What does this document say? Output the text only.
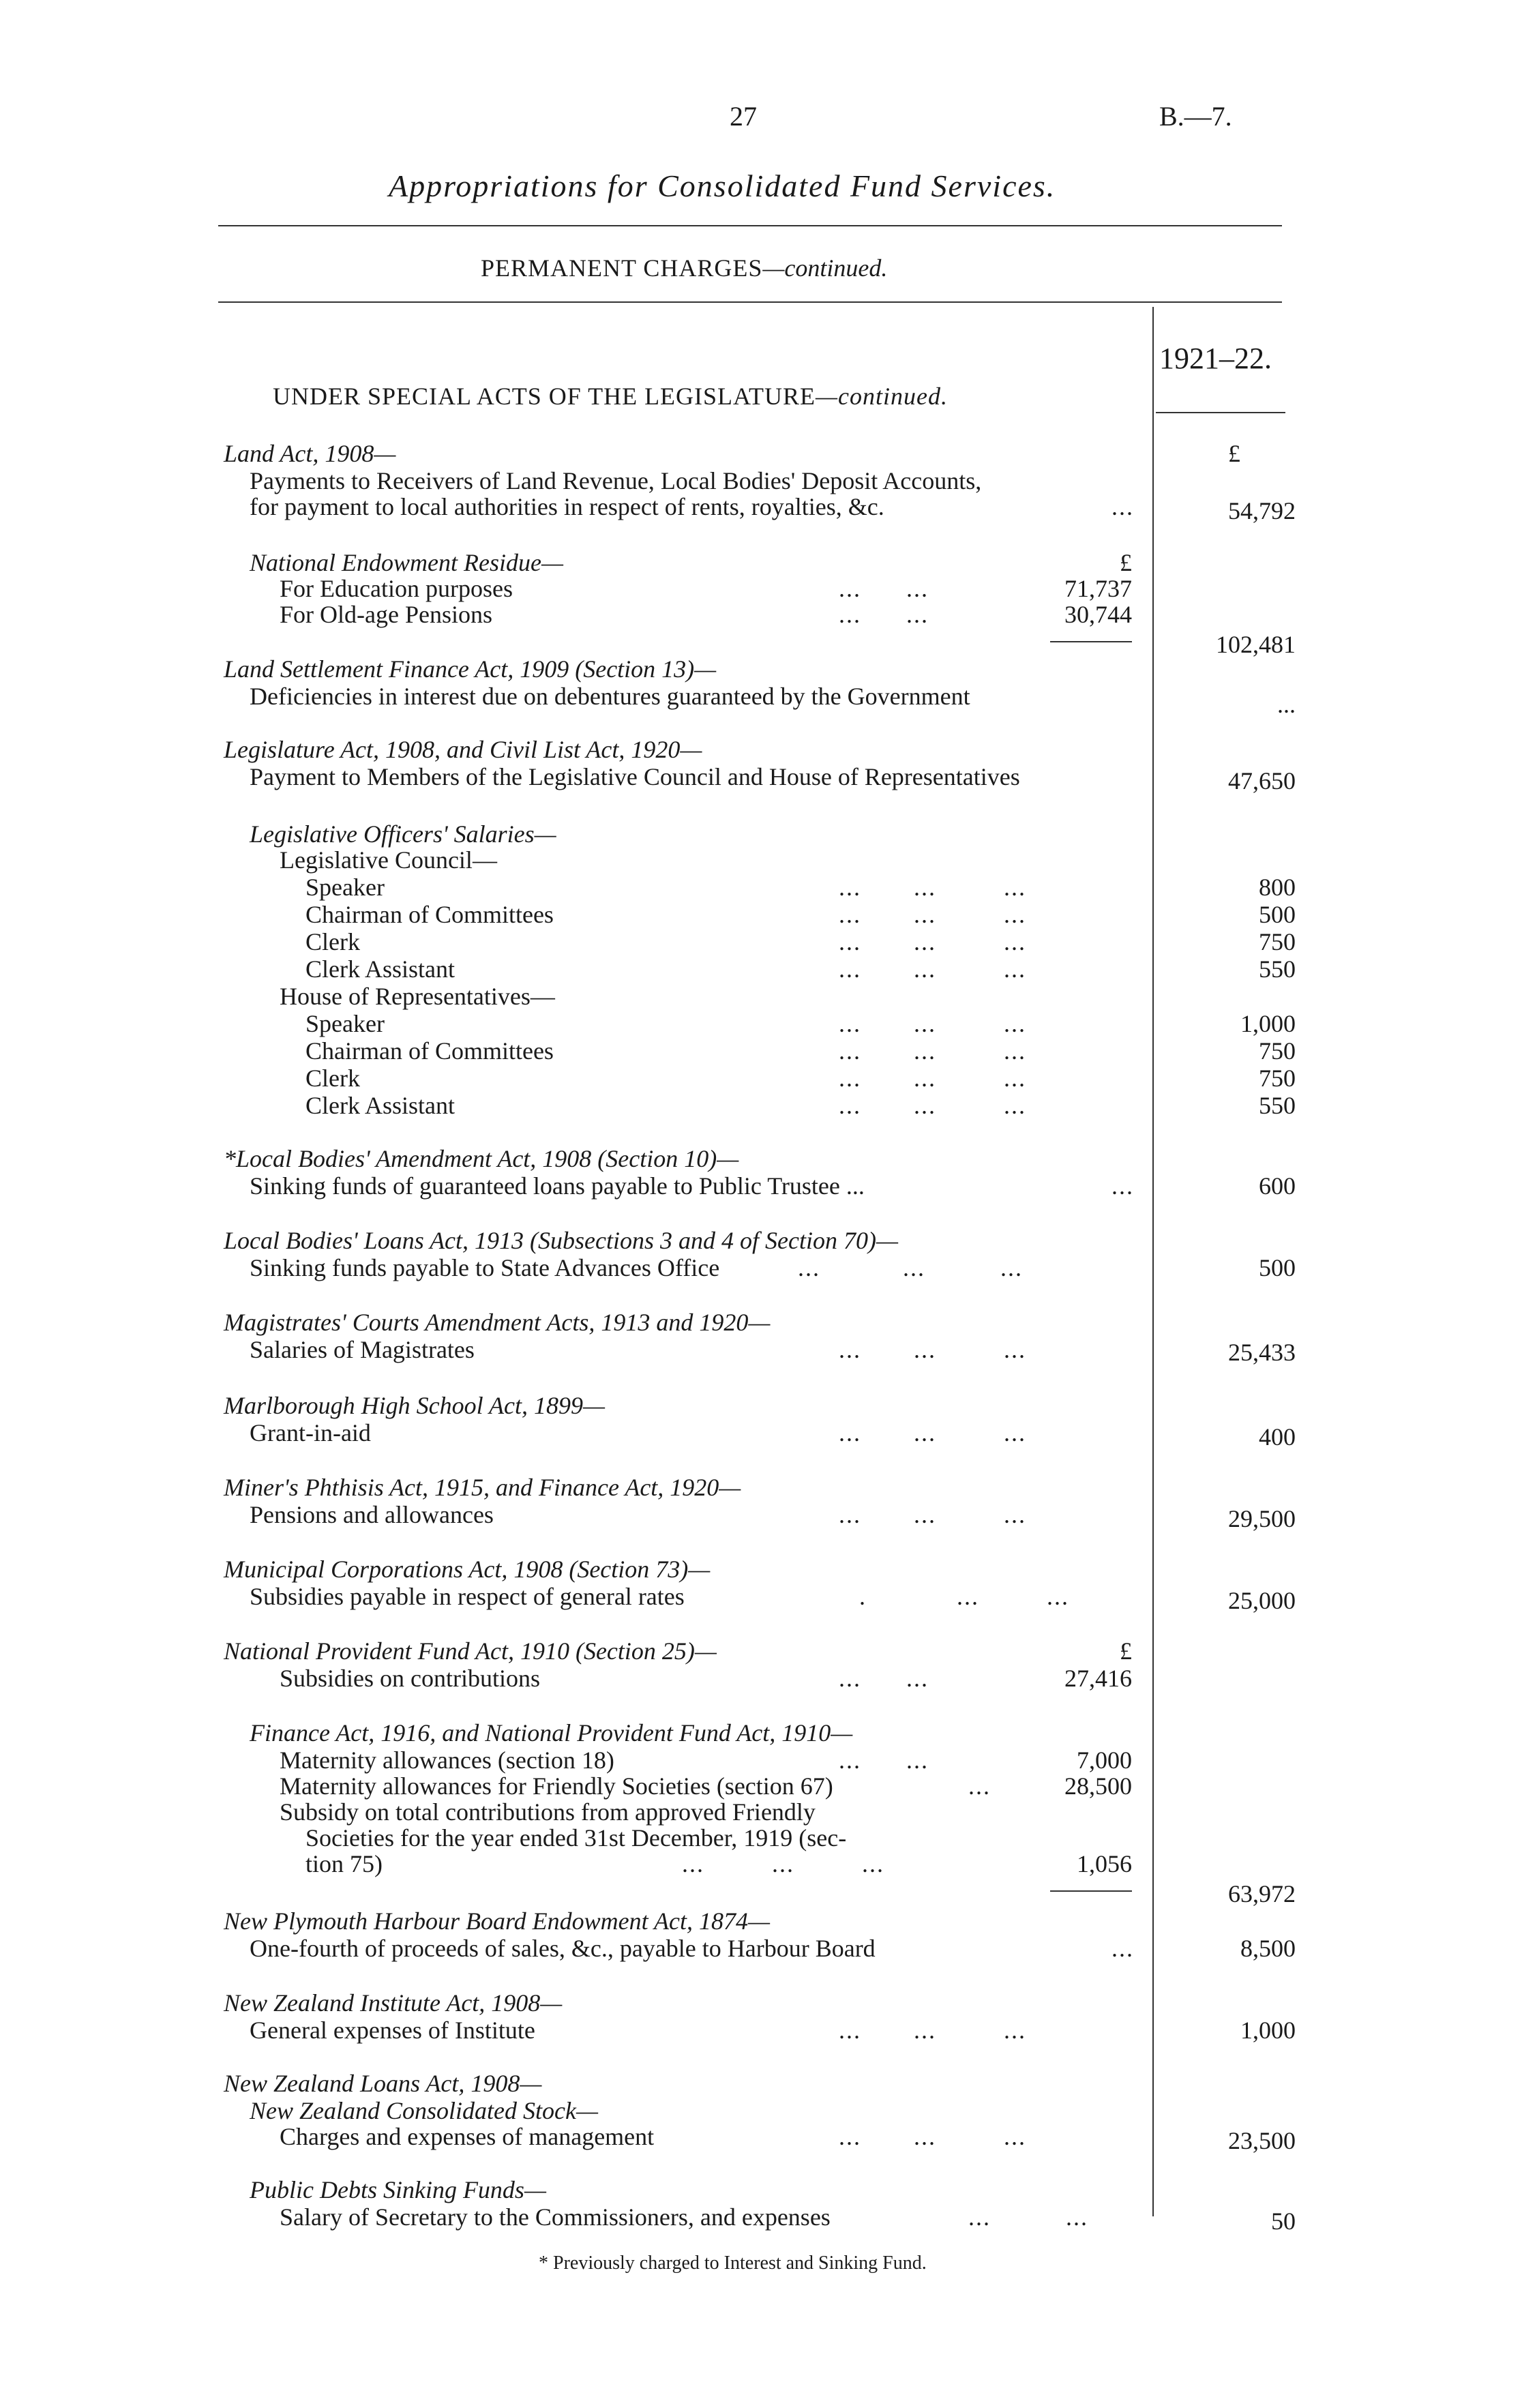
27	B.—7.
Appropriations for Consolidated Fund Services.
PERMANENT CHARGES—continued.
1921–22.
UNDER SPECIAL ACTS OF THE LEGISLATURE—continued.
Land Act, 1908—	£
Payments to Receivers of Land Revenue, Local Bodies' Deposit Accounts,
for payment to local authorities in respect of rents, royalties, &c.	...	54,792
National Endowment Residue—	£
For Education purposes	...      ...	71,737
For Old-age Pensions	...      ...	30,744
102,481
Land Settlement Finance Act, 1909 (Section 13)—
Deficiencies in interest due on debentures guaranteed by the Government	...
Legislature Act, 1908, and Civil List Act, 1920—
Payment to Members of the Legislative Council and House of Representatives	47,650
Legislative Officers' Salaries—
Legislative Council—
Speaker	...       ...         ...	800
Chairman of Committees	...       ...         ...	500
Clerk	...       ...         ...	750
Clerk Assistant	...       ...         ...	550
House of Representatives—
Speaker	...       ...         ...	1,000
Chairman of Committees	...       ...         ...	750
Clerk	...       ...         ...	750
Clerk Assistant	...       ...         ...	550
*Local Bodies' Amendment Act, 1908 (Section 10)—
Sinking funds of guaranteed loans payable to Public Trustee ...	...	600
Local Bodies' Loans Act, 1913 (Subsections 3 and 4 of Section 70)—
Sinking funds payable to State Advances Office	...           ...          ...	500
Magistrates' Courts Amendment Acts, 1913 and 1920—
Salaries of Magistrates	...       ...         ...	25,433
Marlborough High School Act, 1899—
Grant-in-aid	...       ...         ...	400
Miner's Phthisis Act, 1915, and Finance Act, 1920—
Pensions and allowances	...       ...         ...	29,500
Municipal Corporations Act, 1908 (Section 73)—
Subsidies payable in respect of general rates	.            ...         ...	25,000
National Provident Fund Act, 1910 (Section 25)—	£
Subsidies on contributions	...      ...	27,416
Finance Act, 1916, and National Provident Fund Act, 1910—
Maternity allowances (section 18)	...      ...	7,000
Maternity allowances for Friendly Societies (section 67)	...	28,500
Subsidy on total contributions from approved Friendly
Societies for the year ended 31st December, 1919 (sec-
tion 75)	...         ...         ...	1,056
63,972
New Plymouth Harbour Board Endowment Act, 1874—
One-fourth of proceeds of sales, &c., payable to Harbour Board	...	8,500
New Zealand Institute Act, 1908—
General expenses of Institute	...       ...         ...	1,000
New Zealand Loans Act, 1908—
New Zealand Consolidated Stock—
Charges and expenses of management	...       ...         ...	23,500
Public Debts Sinking Funds—
Salary of Secretary to the Commissioners, and expenses	...          ...	50
* Previously charged to Interest and Sinking Fund.
